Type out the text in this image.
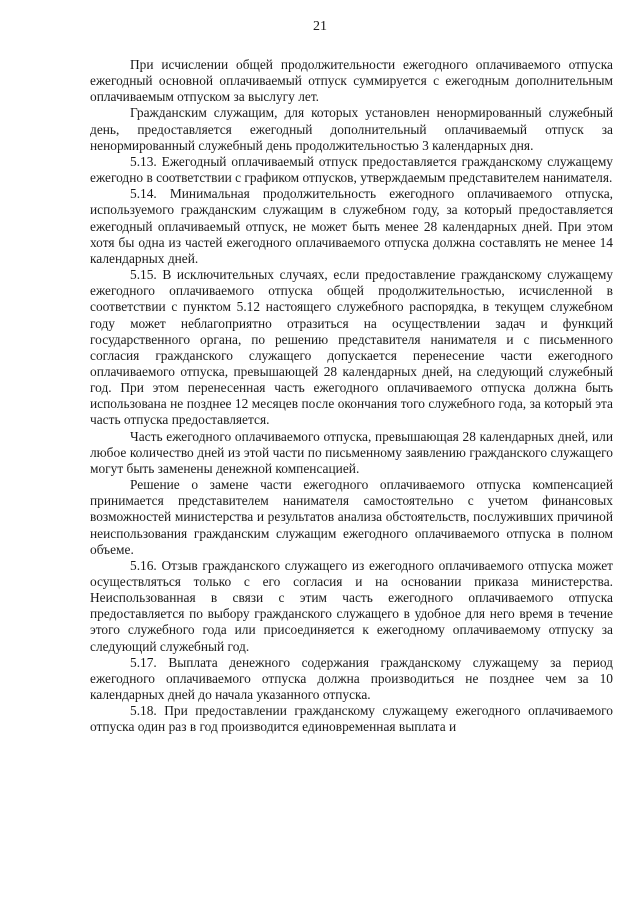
21

При исчислении общей продолжительности ежегодного оплачиваемого отпуска ежегодный основной оплачиваемый отпуск суммируется с ежегодным дополнительным оплачиваемым отпуском за выслугу лет.

Гражданским служащим, для которых установлен ненормированный служебный день, предоставляется ежегодный дополнительный оплачиваемый отпуск за ненормированный служебный день продолжительностью 3 календарных дня.

5.13. Ежегодный оплачиваемый отпуск предоставляется гражданскому служащему ежегодно в соответствии с графиком отпусков, утверждаемым представителем нанимателя.

5.14. Минимальная продолжительность ежегодного оплачиваемого отпуска, используемого гражданским служащим в служебном году, за который предоставляется ежегодный оплачиваемый отпуск, не может быть менее 28 календарных дней. При этом хотя бы одна из частей ежегодного оплачиваемого отпуска должна составлять не менее 14 календарных дней.

5.15. В исключительных случаях, если предоставление гражданскому служащему ежегодного оплачиваемого отпуска общей продолжительностью, исчисленной в соответствии с пунктом 5.12 настоящего служебного распорядка, в текущем служебном году может неблагоприятно отразиться на осуществлении задач и функций государственного органа, по решению представителя нанимателя и с письменного согласия гражданского служащего допускается перенесение части ежегодного оплачиваемого отпуска, превышающей 28 календарных дней, на следующий служебный год. При этом перенесенная часть ежегодного оплачиваемого отпуска должна быть использована не позднее 12 месяцев после окончания того служебного года, за который эта часть отпуска предоставляется.

Часть ежегодного оплачиваемого отпуска, превышающая 28 календарных дней, или любое количество дней из этой части по письменному заявлению гражданского служащего могут быть заменены денежной компенсацией.

Решение о замене части ежегодного оплачиваемого отпуска компенсацией принимается представителем нанимателя самостоятельно с учетом финансовых возможностей министерства и результатов анализа обстоятельств, послуживших причиной неиспользования гражданским служащим ежегодного оплачиваемого отпуска в полном объеме.

5.16. Отзыв гражданского служащего из ежегодного оплачиваемого отпуска может осуществляться только с его согласия и на основании приказа министерства. Неиспользованная в связи с этим часть ежегодного оплачиваемого отпуска предоставляется по выбору гражданского служащего в удобное для него время в течение этого служебного года или присоединяется к ежегодному оплачиваемому отпуску за следующий служебный год.

5.17. Выплата денежного содержания гражданскому служащему за период ежегодного оплачиваемого отпуска должна производиться не позднее чем за 10 календарных дней до начала указанного отпуска.

5.18. При предоставлении гражданскому служащему ежегодного оплачиваемого отпуска один раз в год производится единовременная выплата и
